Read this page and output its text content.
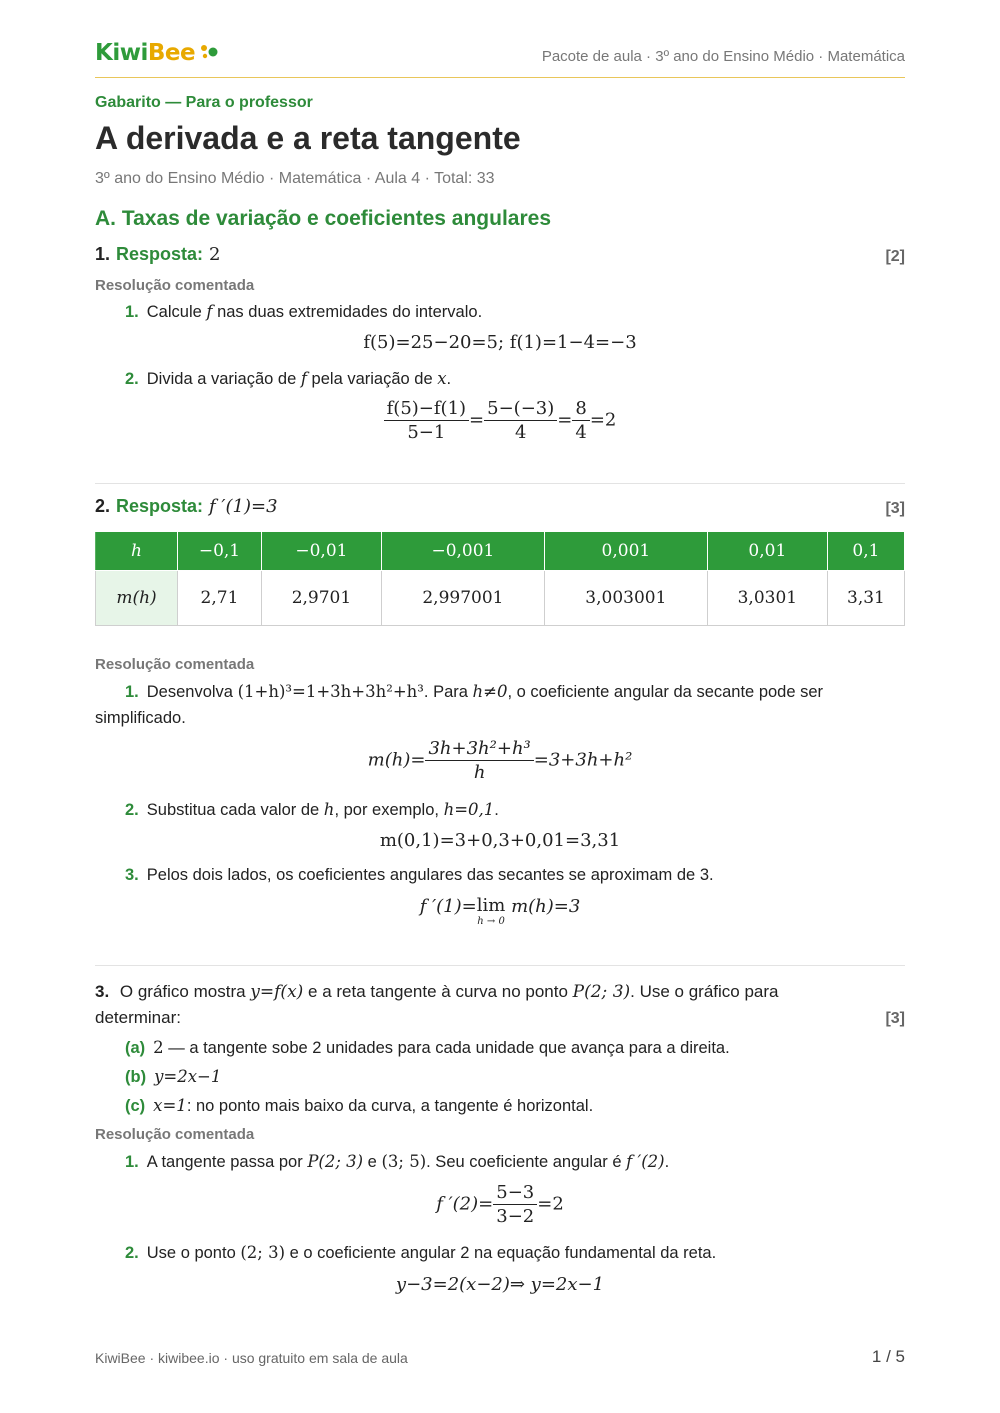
KiwiBee	Pacote de aula · 3º ano do Ensino Médio · Matemática
Gabarito — Para o professor
A derivada e a reta tangente
3º ano do Ensino Médio · Matemática · Aula 4 · Total: 33
A. Taxas de variação e coeficientes angulares
1. Resposta: 2	[2]
Resolução comentada
1. Calcule f nas duas extremidades do intervalo.
f(5)=25−20=5; f(1)=1−4=−3
2. Divida a variação de f pela variação de x.
$\frac{f(5)-f(1)}{5-1} = \frac{5-(-3)}{4} = \frac{8}{4} =2$
2. Resposta: f ′(1)=3	[3]
h	−0,1	−0,01	−0,001	0,001	0,01	0,1
m(h)	2,71	2,9701	2,997001	3,003001	3,0301	3,31
Resolução comentada
1. Desenvolva (1+h)³=1+3h+3h²+h³. Para h≠0, o coeficiente angular da secante pode ser
simplificado.
$m(h)= \frac{\text{3h+3h²+h³}}{h} =3+3h+h^2$
2. Substitua cada valor de h, por exemplo, h=0,1.
m(0,1)=3+0,3+0,01=3,31
3. Pelos dois lados, os coeficientes angulares das secantes se aproximam de 3.
f ′(1)=lim
h → 0
m(h)=3
3. O gráfico mostra y=f(x) e a reta tangente à curva no ponto P(2; 3). Use o gráfico para
determinar:	[3]
(a) 2 — a tangente sobe 2 unidades para cada unidade que avança para a direita.
(b) y=2x−1
(c) x=1: no ponto mais baixo da curva, a tangente é horizontal.
Resolução comentada
1. A tangente passa por P(2; 3) e (3; 5). Seu coeficiente angular é f ′(2).
f $'(2)= \frac{5-3}{3-2} =2$
2. Use o ponto (2; 3) e o coeficiente angular 2 na equação fundamental da reta.
y−3=2(x−2)⇒ y=2x−1
KiwiBee · kiwibee.io · uso gratuito em sala de aula	1 / 5
